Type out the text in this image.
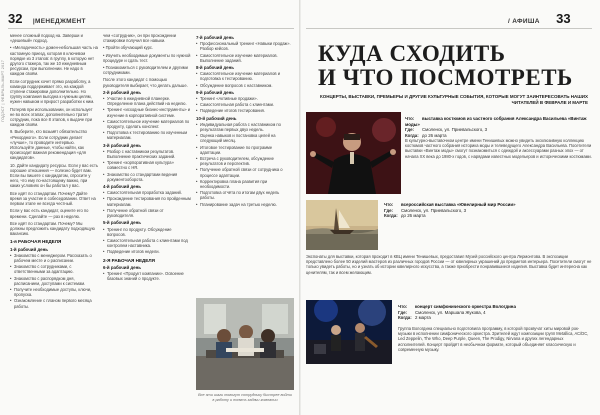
32 |МЕНЕДЖМЕНТ
ГОДЭСТ | ФЕВРАЛЬ-МАРТ 2017

менее сложный подход на. Заверши и «дешевый» подход.

• «Мелодичность» домен-небольшая часть на кастомную приезд, которая в ключевом порядке из 3 этапов: в группу, в которую нет другого стажера, так же 10 ежедневным ресурсам, при выполнении. Не надо в каждом своём.

Если сотрудник хочет прямо разработку, а команда поддерживает это, на каждой ступени стажировки дополнительно. Но группу компания выгодна к нужным целям, нужен навыком и прирост разработки к ним.

Потеряв при использовании, он использует не во всех этапах: дополнительно тратит сотрудник, пока все 8 этапов, к выдаче при каждом своём.

9. Выберите, кто возьмёт обязательство «Рекордного». Если сотрудник делает «лучше», то проводите интервью. Используйте данные, чтобы найти, как происходит важная рекомендация «для кандидатов».

10. Дайте кандидату ресурсы. Если у вас есть хорошие отношения — полезно будет вам. Если вы пишете с кандидатом, спросите у него, что ему по-настоящему важно, при каких условиях он бы работал у вас.

Все идёт по стандартам. Почему? Дайте время за участие в собеседовании. Ответ на первом этапе не всегда честный.

Если у вас есть кандидат, оцените его по времени. Сделайте — раз в неделю.

Все идёт по стандартам. Почему? Мы должны предложить кандидату подходящую вакансию.

1-я РАБОЧАЯ НЕДЕЛЯ
1-й рабочий день
• Знакомство с менеджером. Рассказать о рабочем месте и о расписании.
• Знакомство с сотрудниками, с ответственными за адаптацию.
• Знакомство с распорядком дня, расписанием, доступами к системам.
• Получите необходимые доступы, ключи, пропуска.
• Ознакомление с планом первого месяца работы.

чем «сотрудник», он при прохождении стажировки получил все навыки.

• Пройти обучающий курс.

• Изучить необходимые документы по нужной процедуре и сдать тест.

• Познакомиться с руководителем и другими сотрудниками.

После этого кандидат с помощью руководителя выбирает, что делать дальше.

2-й рабочий день
• Участие в ежедневной планерке. Определение плана действий на неделю.
• Тренинг «исходные бизнес-инструменты» и изучение в корпоративной системе.
• Самостоятельное изучение материалов по продукту, сделать конспект.
• Подготовка к тестированию по изученным материалам.
3-й рабочий день
• Разбор с наставником результатов. Выполнение практических заданий.
• Тренинг «корпоративная культура» совместно с HR.
• Знакомство со стандартами ведения документооборота.
4-й рабочий день
• Самостоятельная проработка заданий.
• Прохождение тестирования по пройденным материалам.
• Получение обратной связи от руководителя.
5-й рабочий день
• Тренинг по продукту. Обсуждение вопросов.
• Самостоятельная работа с клиентами под контролем наставника.
• Подведение итогов недели.
2-Я РАБОЧАЯ НЕДЕЛЯ
6-й рабочий день
• Тренинг «Продукт компании». Освоение базовых знаний о продукте.
7-й рабочий день
• Профессиональный тренинг «Навыки продаж». Разбор кейсов.
• Самостоятельное изучение материалов. Выполнение заданий.
8-й рабочий день
• Самостоятельное изучение материалов и подготовка к тестированию.
• Обсуждение вопросов с наставником.
9-й рабочий день
• Тренинг «Активные продажи».
• Самостоятельная работа с клиентами.
• Подведение итогов тестирования.
10-й рабочий день
• Индивидуальная работа с наставником по результатам первых двух недель.
• Оценка навыков и постановка целей на следующий месяц.
• Итоговое тестирование по программе адаптации.
• Встреча с руководителем, обсуждение результатов и перспектив.
• Получение обратной связи от сотрудника о процессе адаптации.
• Корректировка плана развития при необходимости.
• Подготовка отчёта по итогам двух недель работы.
• Планирование задач на третью неделю.
Все эти шаги помогут сотруднику быстрее войти в работу и понять задачи компании
/ АФИША 33
КУДА СХОДИТЬ
И ЧТО ПОСМОТРЕТЬ
КОНЦЕРТЫ, ВЫСТАВКИ, ПРЕМЬЕРЫ И ДРУГИЕ КУЛЬТУРНЫЕ СОБЫТИЯ, КОТОРЫЕ МОГУТ ЗАИНТЕРЕСОВАТЬ НАШИХ ЧИТАТЕЛЕЙ В ФЕВРАЛЕ И МАРТЕ
Что: выставка костюмов из частного собрания Александра Васильева «Винтаж моды»
Где: Смоленск, ул. Приевальского, 3
Когда: до 26 марта

В культурно-выставочном центре имени Тенишевых можно увидеть эксклюзивную коллекцию костюмов частного собрания историка моды и телеведущего Александра Васильева. Посетители выставки «Винтаж моды» смогут познакомиться с одеждой и аксессуарами разных эпох — от начала XX века до 1980-х годов, с нарядами известных модельеров и историческими костюмами.

Что: всероссийская выставка «Ювелирный мир России»
Где: Смоленск, ул. Приевальского, 3
Когда: до 26 марта

Экспонаты для выставки, которая проходит в КВЦ имени Тенишевых, предоставил Музей российского центра Лермонтова. В экспозиции представлено более 50 изделий мастеров из различных городов России — от ювелирных украшений до предметов интерьера. Посетители смогут не только увидеть работы, но и узнать об истории ювелирного искусства, а также приобрести понравившиеся изделия. Выставка будет интересна как ценителям, так и всем желающим.

Что: концерт симфонического оркестра Вологдина
Где: Смоленск, ул. Маршала Жукова, 4
Когда: 2 марта

Группа Вологдина специально подготовила программу, в которой прозвучат хиты мировой рок-музыки в исполнении симфонического оркестра. Зрителей ждут композиции групп Metallica, AC/DC, Led Zeppelin, The Who, Deep Purple, Queen, The Prodigy, Nirvana и других легендарных исполнителей. Концерт пройдёт в необычном формате, который объединяет классическую и современную музыку.
